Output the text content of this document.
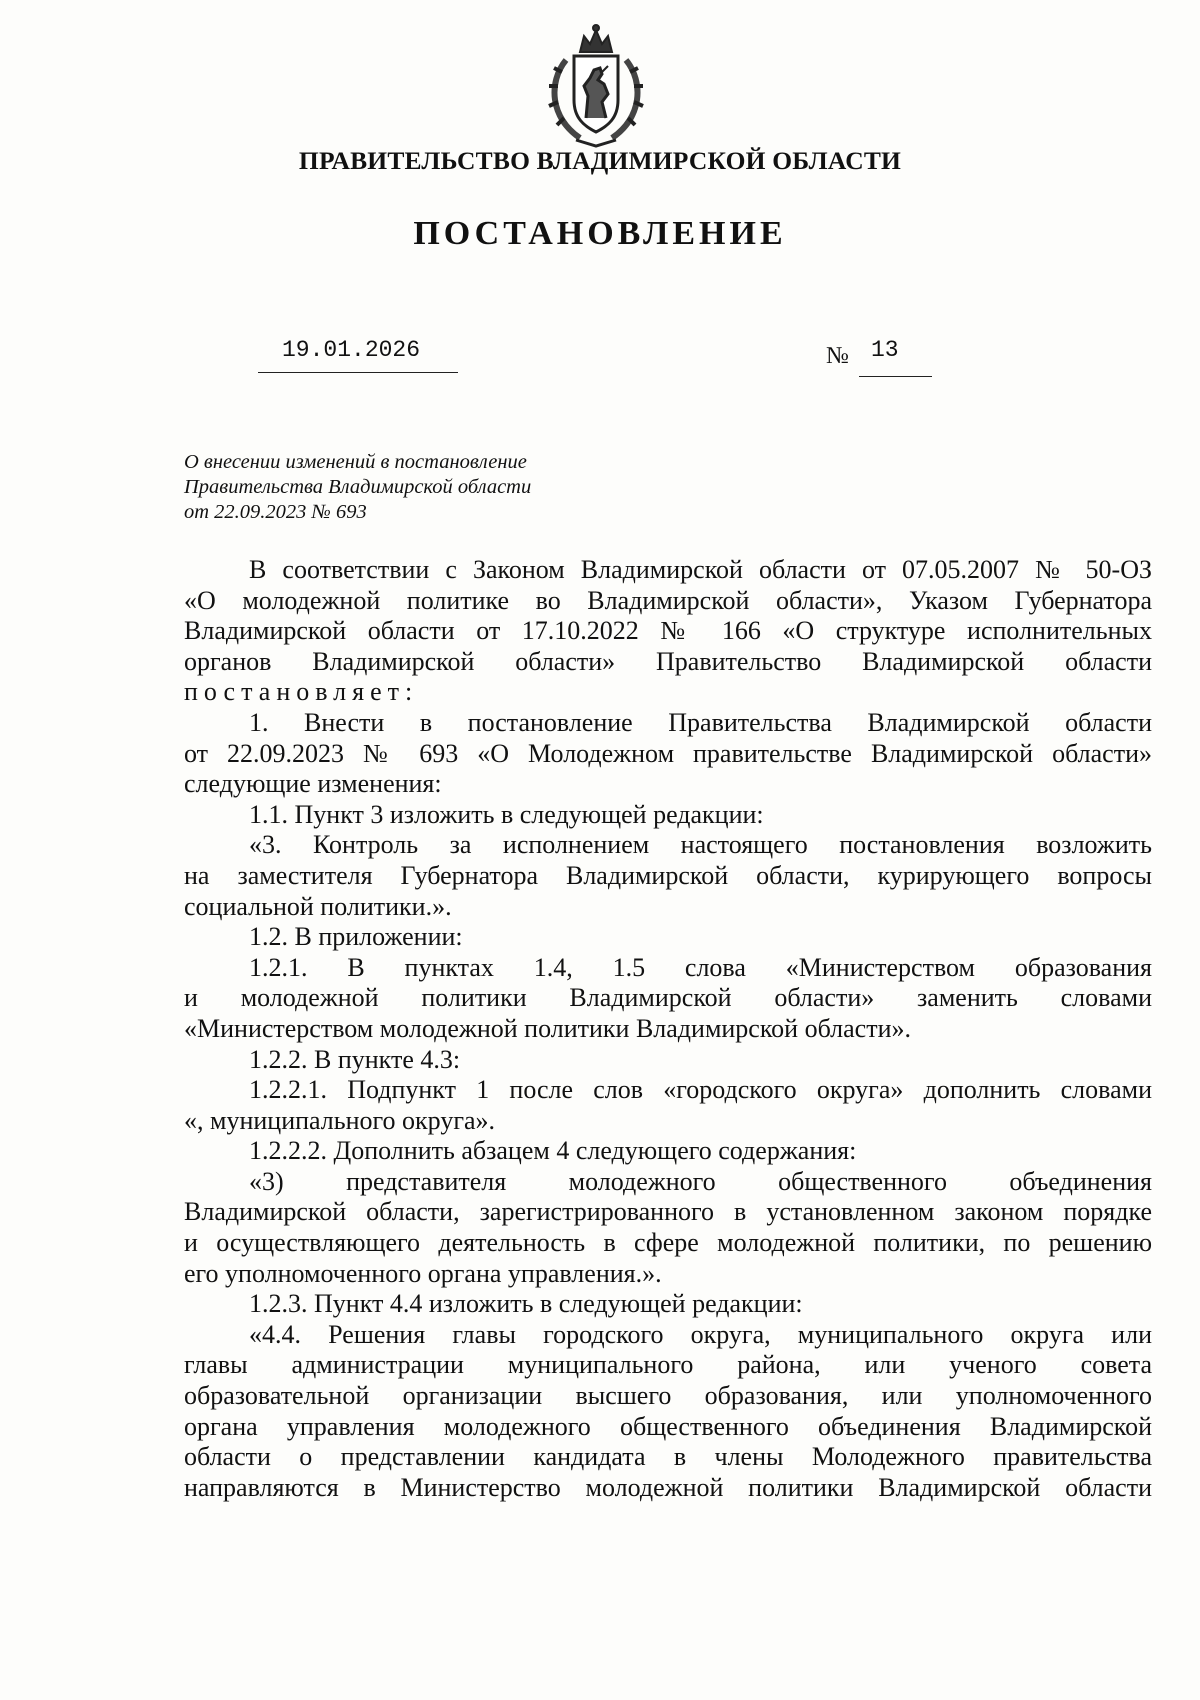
ПРАВИТЕЛЬСТВО ВЛАДИМИРСКОЙ ОБЛАСТИ
ПОСТАНОВЛЕНИЕ
19.01.2026	№ 13
О внесении изменений в постановление
Правительства Владимирской области
от 22.09.2023 № 693
В соответствии с Законом Владимирской области от 07.05.2007 № 50-ОЗ
«О молодежной политике во Владимирской области», Указом Губернатора
Владимирской области от 17.10.2022 № 166 «О структуре исполнительных
органов Владимирской области» Правительство Владимирской области
постановляет:
1. Внести в постановление Правительства Владимирской области
от 22.09.2023 № 693 «О Молодежном правительстве Владимирской области»
следующие изменения:
1.1. Пункт 3 изложить в следующей редакции:
«3. Контроль за исполнением настоящего постановления возложить
на заместителя Губернатора Владимирской области, курирующего вопросы
социальной политики.».
1.2. В приложении:
1.2.1. В пунктах 1.4, 1.5 слова «Министерством образования
и молодежной политики Владимирской области» заменить словами
«Министерством молодежной политики Владимирской области».
1.2.2. В пункте 4.3:
1.2.2.1. Подпункт 1 после слов «городского округа» дополнить словами
«, муниципального округа».
1.2.2.2. Дополнить абзацем 4 следующего содержания:
«3) представителя молодежного общественного объединения
Владимирской области, зарегистрированного в установленном законом порядке
и осуществляющего деятельность в сфере молодежной политики, по решению
его уполномоченного органа управления.».
1.2.3. Пункт 4.4 изложить в следующей редакции:
«4.4. Решения главы городского округа, муниципального округа или
главы администрации муниципального района, или ученого совета
образовательной организации высшего образования, или уполномоченного
органа управления молодежного общественного объединения Владимирской
области о представлении кандидата в члены Молодежного правительства
направляются в Министерство молодежной политики Владимирской области
